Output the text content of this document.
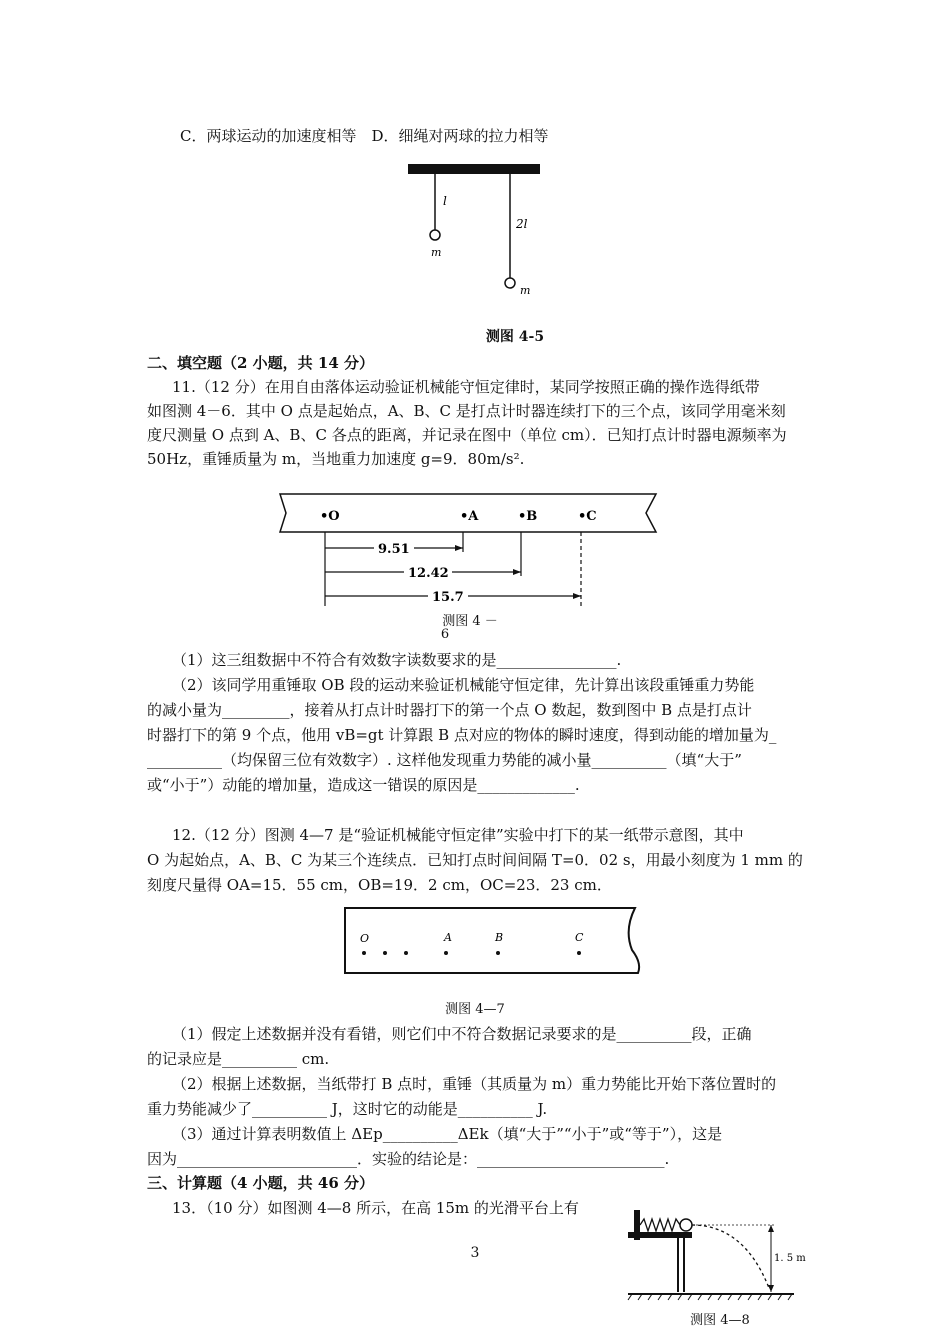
C．两球运动的加速度相等　D．细绳对两球的拉力相等
l
2l
m
m
测图 4-5
二、填空题（2 小题，共 14 分）
11.（12 分）在用自由落体运动验证机械能守恒定律时，某同学按照正确的操作选得纸带
如图测 4－6．其中 O 点是起始点，A、B、C 是打点计时器连续打下的三个点，该同学用毫米刻
度尺测量 O 点到 A、B、C 各点的距离，并记录在图中（单位 cm）．已知打点计时器电源频率为
50Hz，重锤质量为 m，当地重力加速度 g=9．80m/s².
•O	•A	•B	•C
9.51
12.42
15.7
测图 4 －
6
（1）这三组数据中不符合有效数字读数要求的是________________.
（2）该同学用重锤取 OB 段的运动来验证机械能守恒定律，先计算出该段重锤重力势能
的减小量为_________，接着从打点计时器打下的第一个点 O 数起，数到图中 B 点是打点计
时器打下的第 9 个点，他用 vB=gt 计算跟 B 点对应的物体的瞬时速度，得到动能的增加量为_
__________（均保留三位有效数字）. 这样他发现重力势能的减小量__________（填“大于”
或“小于”）动能的增加量，造成这一错误的原因是_____________.
12.（12 分）图测 4—7 是“验证机械能守恒定律”实验中打下的某一纸带示意图，其中
O 为起始点，A、B、C 为某三个连续点．已知打点时间间隔 T=0．02 s，用最小刻度为 1 mm 的
刻度尺量得 OA=15．55 cm，OB=19．2 cm，OC=23．23 cm．
O	A	B	C
测图 4—7
（1）假定上述数据并没有看错，则它们中不符合数据记录要求的是__________段，正确
的记录应是__________ cm.
（2）根据上述数据，当纸带打 B 点时，重锤（其质量为 m）重力势能比开始下落位置时的
重力势能减少了__________ J，这时它的动能是__________ J.
（3）通过计算表明数值上 ΔEp__________ΔEk（填“大于”“小于”或“等于”），这是
因为________________________．实验的结论是：_________________________.
三、计算题（4 小题，共 46 分）
13．（10 分）如图测 4—8 所示，在高 15m 的光滑平台上有
1. 5 m
测图 4—8
3
